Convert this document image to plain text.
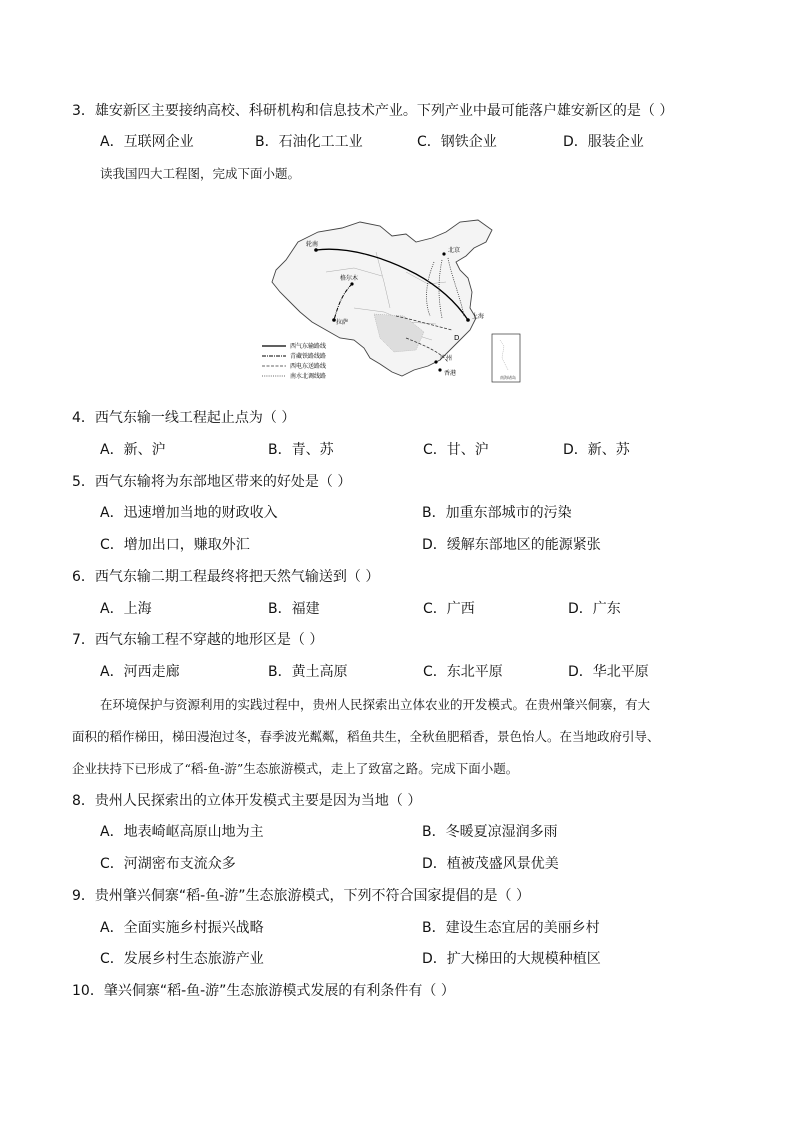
3．雄安新区主要接纳高校、科研机构和信息技术产业。下列产业中最可能落户雄安新区的是（ ）
A．互联网企业	B．石油化工工业	C．钢铁企业	D．服装企业
读我国四大工程图，完成下面小题。
南海诸岛
D
轮南
北京
格尔木
上海
拉萨
广州
香港
西气东输路线
青藏铁路线路
西电东送路线
南水北调线路
4．西气东输一线工程起止点为（ ）
A．新、沪	B．青、苏	C．甘、沪	D．新、苏
5．西气东输将为东部地区带来的好处是（ ）
A．迅速增加当地的财政收入	B．加重东部城市的污染
C．增加出口，赚取外汇	D．缓解东部地区的能源紧张
6．西气东输二期工程最终将把天然气输送到（ ）
A．上海	B．福建	C．广西	D．广东
7．西气东输工程不穿越的地形区是（ ）
A．河西走廊	B．黄土高原	C．东北平原	D．华北平原
在环境保护与资源利用的实践过程中，贵州人民探索出立体农业的开发模式。在贵州肇兴侗寨，有大
面积的稻作梯田，梯田漫泡过冬，春季波光粼粼，稻鱼共生，全秋鱼肥稻香，景色怡人。在当地政府引导、
企业扶持下已形成了“稻-鱼-游”生态旅游模式，走上了致富之路。完成下面小题。
8．贵州人民探索出的立体开发模式主要是因为当地（ ）
A．地表崎岖高原山地为主	B．冬暖夏凉湿润多雨
C．河湖密布支流众多	D．植被茂盛风景优美
9．贵州肇兴侗寨“稻-鱼-游”生态旅游模式，下列不符合国家提倡的是（ ）
A．全面实施乡村振兴战略	B．建设生态宜居的美丽乡村
C．发展乡村生态旅游产业	D．扩大梯田的大规模种植区
10．肇兴侗寨“稻-鱼-游”生态旅游模式发展的有利条件有（ ）
